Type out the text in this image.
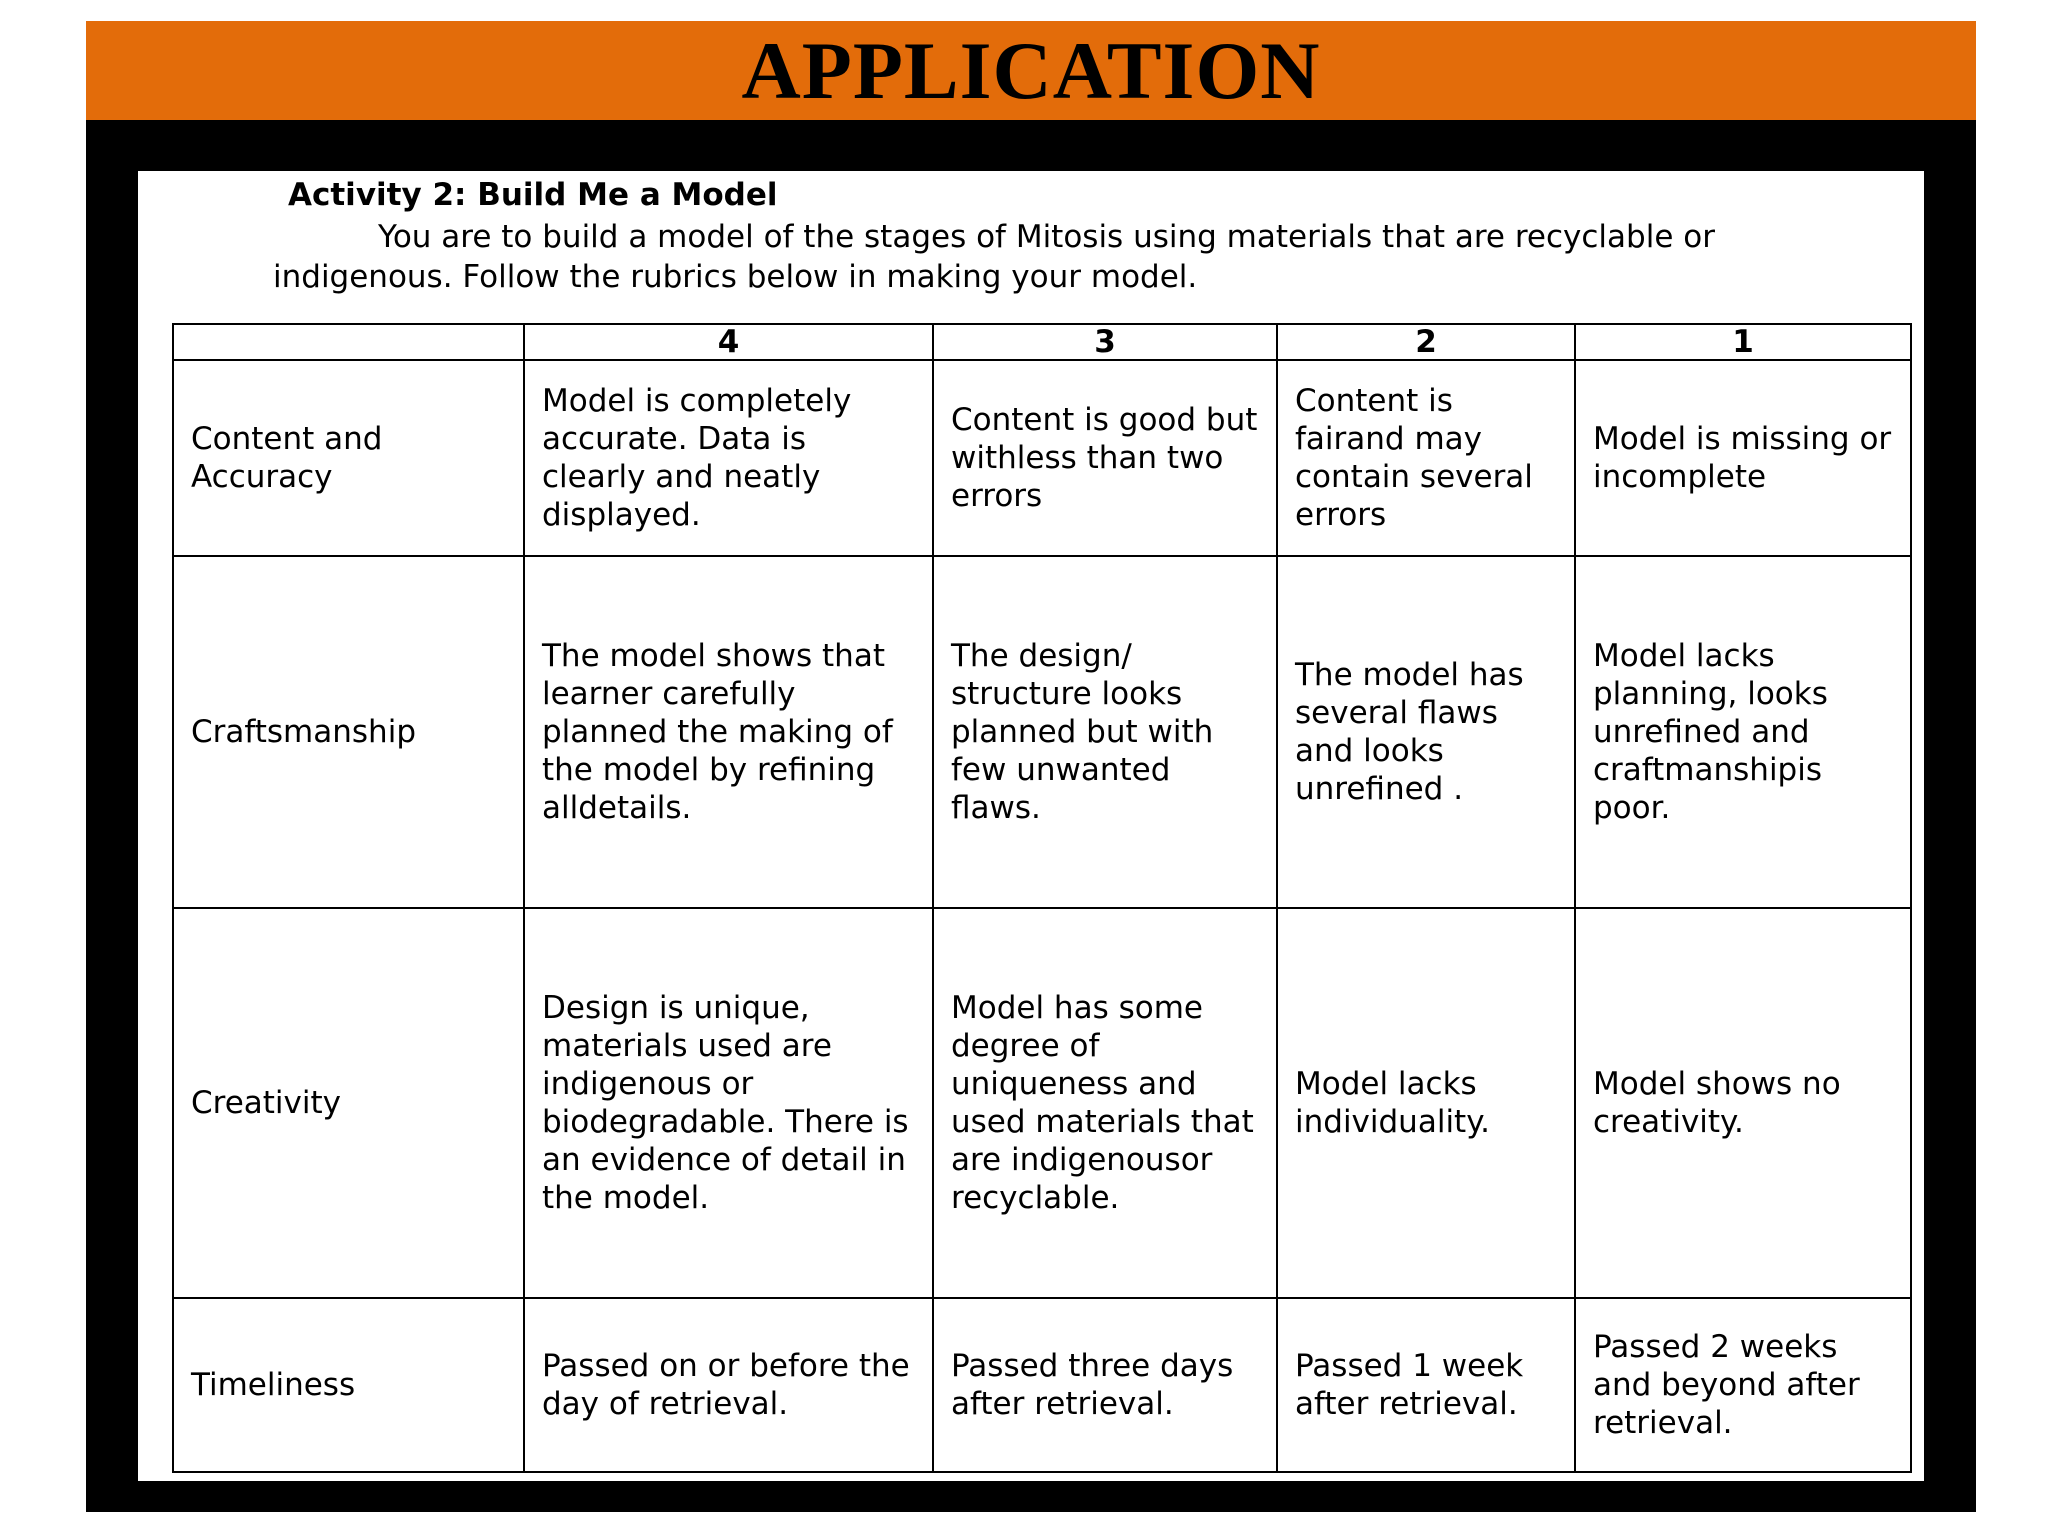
APPLICATION
Activity 2: Build Me a Model
You are to build a model of the stages of Mitosis using materials that are recyclable or indigenous. Follow the rubrics below in making your model.
	4	3	2	1
Content and Accuracy	Model is completely accurate. Data is clearly and neatly displayed.	Content is good but withless than two errors	Content is fairand may contain several errors	Model is missing or incomplete
Craftsmanship	The model shows that learner carefully planned the making of the model by refining alldetails.	The design/ structure looks planned but with few unwanted flaws.	The model has several flaws and looks unrefined .	Model lacks planning, looks unrefined and craftmanshipis poor.
Creativity	Design is unique, materials used are indigenous or biodegradable. There is an evidence of detail in the model.	Model has some degree of uniqueness and used materials that are indigenousor recyclable.	Model lacks individuality.	Model shows no creativity.
Timeliness	Passed on or before the day of retrieval.	Passed three days after retrieval.	Passed 1 week after retrieval.	Passed 2 weeks and beyond after retrieval.
